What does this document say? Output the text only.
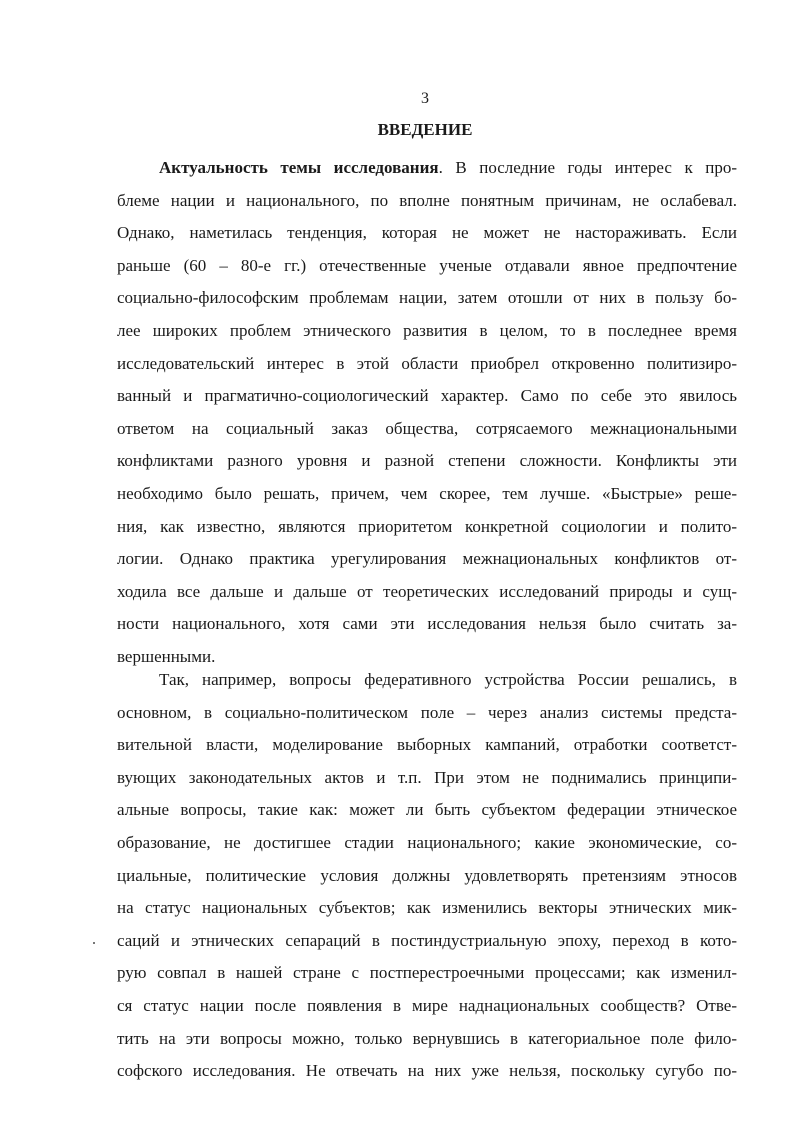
3
ВВЕДЕНИЕ
Актуальность темы исследования. В последние годы интерес к про-
блеме нации и национального, по вполне понятным причинам, не ослабевал.
Однако, наметилась тенденция, которая не может не настораживать. Если
раньше (60 – 80-е гг.) отечественные ученые отдавали явное предпочтение
социально-философским проблемам нации, затем отошли от них в пользу бо-
лее широких проблем этнического развития в целом, то в последнее время
исследовательский интерес в этой области приобрел откровенно политизиро-
ванный и прагматично-социологический характер. Само по себе это явилось
ответом на социальный заказ общества, сотрясаемого межнациональными
конфликтами разного уровня и разной степени сложности. Конфликты эти
необходимо было решать, причем, чем скорее, тем лучше. «Быстрые» реше-
ния, как известно, являются приоритетом конкретной социологии и полито-
логии. Однако практика урегулирования межнациональных конфликтов от-
ходила все дальше и дальше от теоретических исследований природы и сущ-
ности национального, хотя сами эти исследования нельзя было считать за-
вершенными.
Так, например, вопросы федеративного устройства России решались, в
основном, в социально-политическом поле – через анализ системы предста-
вительной власти, моделирование выборных кампаний, отработки соответст-
вующих законодательных актов и т.п. При этом не поднимались принципи-
альные вопросы, такие как: может ли быть субъектом федерации этническое
образование, не достигшее стадии национального; какие экономические, со-
циальные, политические условия должны удовлетворять претензиям этносов
на статус национальных субъектов; как изменились векторы этнических мик-
саций и этнических сепараций в постиндустриальную эпоху, переход в кото-
рую совпал в нашей стране с постперестроечными процессами; как изменил-
ся статус нации после появления в мире наднациональных сообществ? Отве-
тить на эти вопросы можно, только вернувшись в категориальное поле фило-
софского исследования. Не отвечать на них уже нельзя, поскольку сугубо по-
